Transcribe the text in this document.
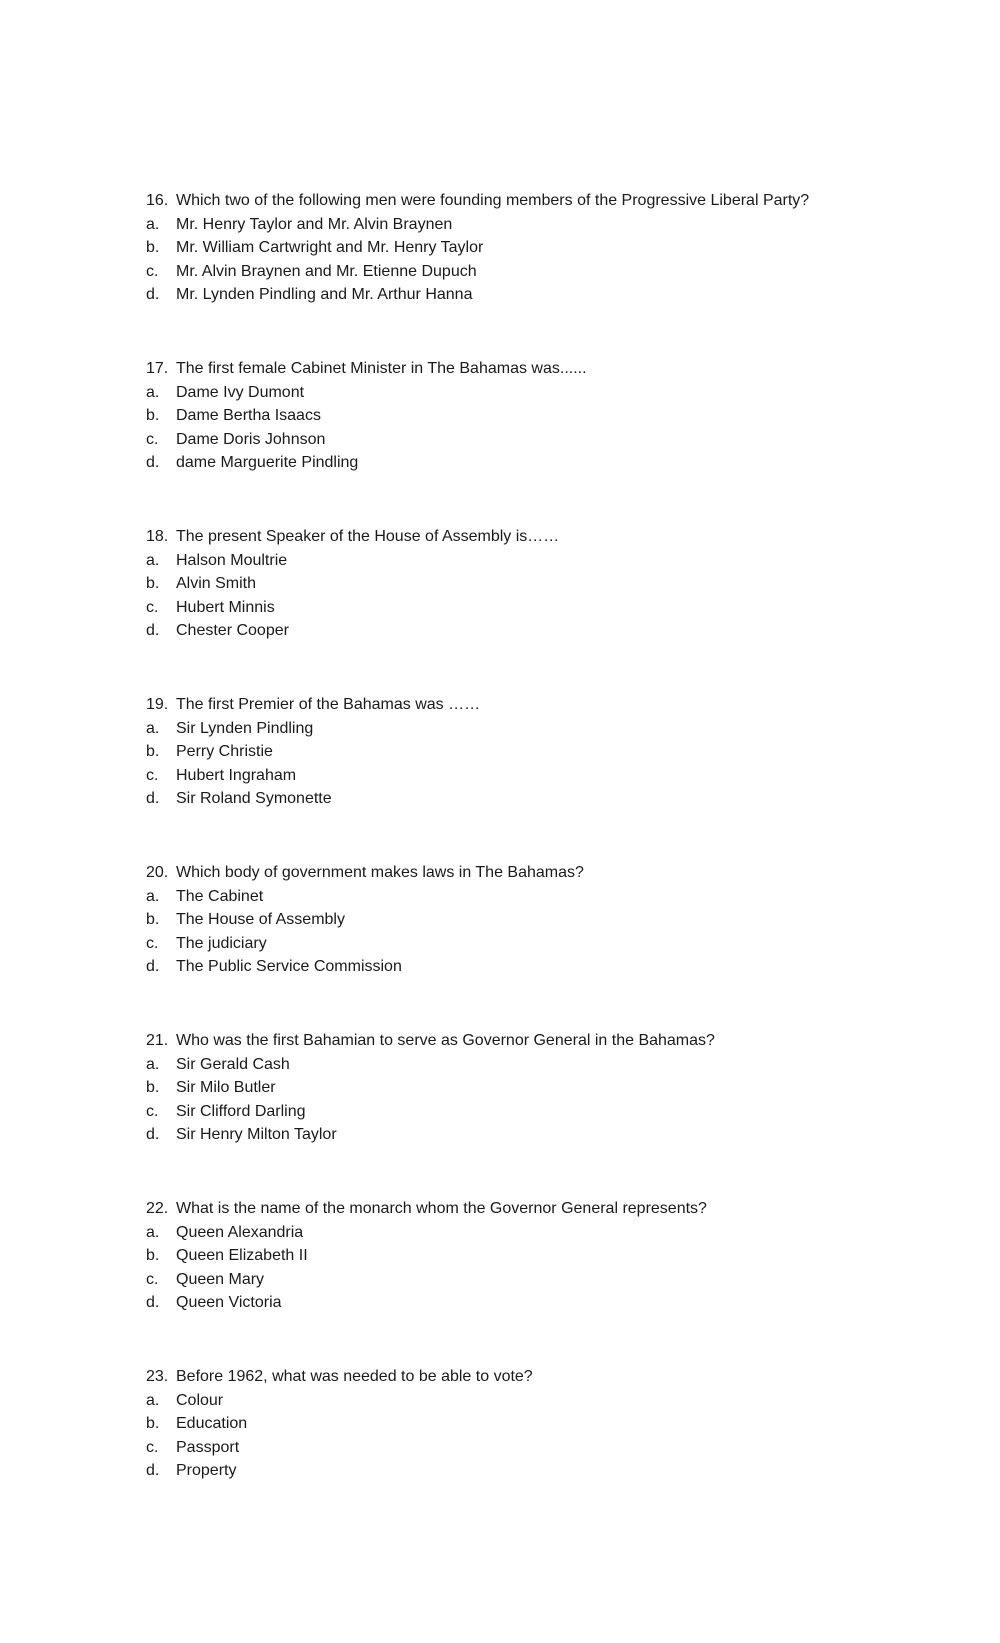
16. Which two of the following men were founding members of the Progressive Liberal Party?
a.	Mr. Henry Taylor and Mr. Alvin Braynen
b.	Mr. William Cartwright and Mr. Henry Taylor
c.	Mr. Alvin Braynen and Mr. Etienne Dupuch
d.	Mr. Lynden Pindling and Mr. Arthur Hanna
17. The first female Cabinet Minister in The Bahamas was......
a.	Dame Ivy Dumont
b.	Dame Bertha Isaacs
c.	Dame Doris Johnson
d.	dame Marguerite Pindling
18. The present Speaker of the House of Assembly is……
a.	Halson Moultrie
b.	Alvin Smith
c.	Hubert Minnis
d.	Chester Cooper
19. The first Premier of the Bahamas was ……
a.	Sir Lynden Pindling
b.	Perry Christie
c.	Hubert Ingraham
d.	Sir Roland Symonette
20. Which body of government makes laws in The Bahamas?
a.	The Cabinet
b.	The House of Assembly
c.	The judiciary
d.	The Public Service Commission
21. Who was the first Bahamian to serve as Governor General in the Bahamas?
a.	Sir Gerald Cash
b.	Sir Milo Butler
c.	Sir Clifford Darling
d.	Sir Henry Milton Taylor
22. What is the name of the monarch whom the Governor General represents?
a.	Queen Alexandria
b.	Queen Elizabeth II
c.	Queen Mary
d.	Queen Victoria
23. Before 1962, what was needed to be able to vote?
a.	Colour
b.	Education
c.	Passport
d.	Property
